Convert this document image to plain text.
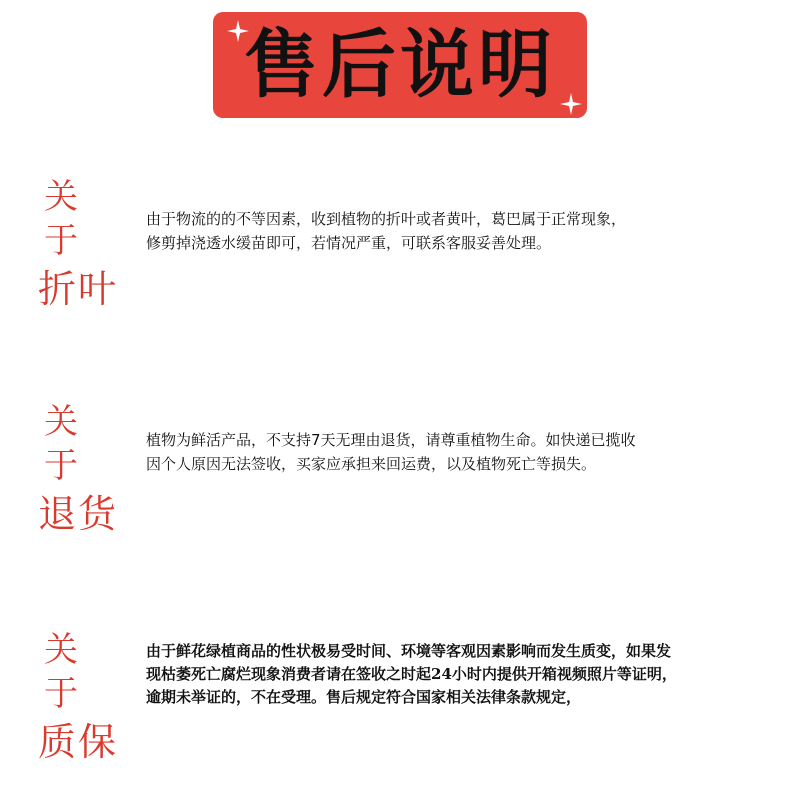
售后说明
关于
折叶
由于物流的的不等因素，收到植物的折叶或者黄叶，葛巴属于正常现象，
修剪掉浇透水缓苗即可，若情况严重，可联系客服妥善处理。
关于
退货
植物为鲜活产品，不支持7天无理由退货，请尊重植物生命。如快递已揽收
因个人原因无法签收，买家应承担来回运费，以及植物死亡等损失。
关于
质保
由于鲜花绿植商品的性状极易受时间、环境等客观因素影响而发生质变，如果发
现枯萎死亡腐烂现象消费者请在签收之时起24小时内提供开箱视频照片等证明，
逾期未举证的，不在受理。售后规定符合国家相关法律条款规定，
